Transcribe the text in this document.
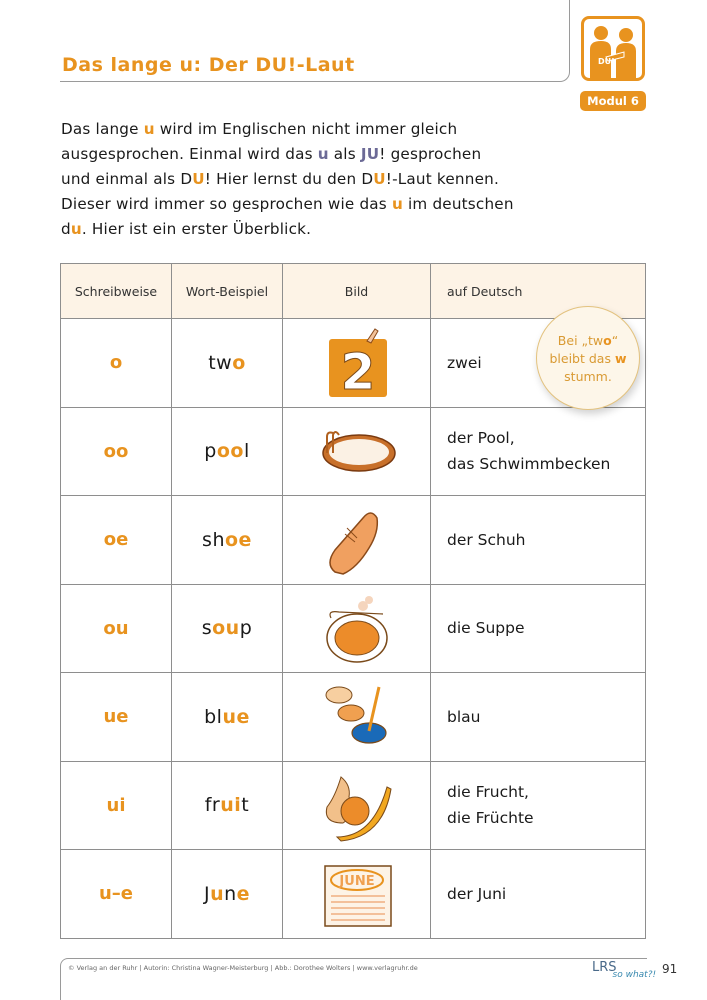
Das lange u: Der DU!-Laut	DU!
Modul 6
Das lange u wird im Englischen nicht immer gleich
ausgesprochen. Einmal wird das u als JU! gesprochen
und einmal als DU! Hier lernst du den DU!-Laut kennen.
Dieser wird immer so gesprochen wie das u im deutschen
du. Hier ist ein erster Überblick.
Schreibweise	Wort-Beispiel	Bild	auf Deutsch
o	two	2	zwei
oo	pool		der Pool,
das Schwimmbecken

oe	shoe		der Schuh
ou	soup		die Suppe
ue	blue		blau
ui	fruit		die Frucht,
die Früchte

u–e	June	JUNE	der Juni
Bei „two“
bleibt das w
stumm.
© Verlag an der Ruhr | Autorin: Christina Wagner-Meisterburg | Abb.: Dorothee Wolters | www.verlagruhr.de	$LRS_{so what?!}$ 91
